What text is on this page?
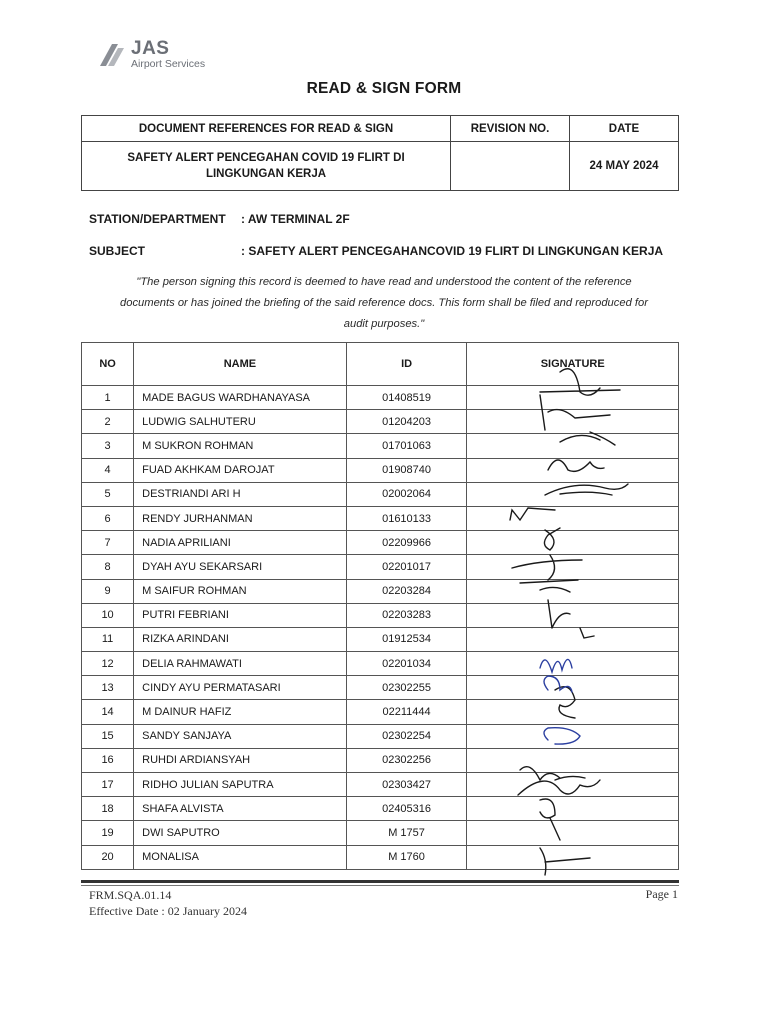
JAS
Airport Services
READ & SIGN FORM
DOCUMENT REFERENCES FOR READ & SIGN	REVISION NO.	DATE

SAFETY ALERT PENCEGAHAN COVID 19 FLIRT DI
LINGKUNGAN KERJA		24 MAY 2024
STATION/DEPARTMENT : AW TERMINAL 2F
SUBJECT	: SAFETY ALERT PENCEGAHANCOVID 19 FLIRT DI LINGKUNGAN KERJA
"The person signing this record is deemed to have read and understood the content of the reference
documents or has joined the briefing of the said reference docs. This form shall be filed and reproduced for
audit purposes."
NO	NAME	ID	SIGNATURE
1	MADE BAGUS WARDHANAYASA	01408519	
2	LUDWIG SALHUTERU	01204203	
3	M SUKRON ROHMAN	01701063	
4	FUAD AKHKAM DAROJAT	01908740	
5	DESTRIANDI ARI H	02002064	
6	RENDY JURHANMAN	01610133	
7	NADIA APRILIANI	02209966	
8	DYAH AYU SEKARSARI	02201017	
9	M SAIFUR ROHMAN	02203284	
10	PUTRI FEBRIANI	02203283	
11	RIZKA ARINDANI	01912534	
12	DELIA RAHMAWATI	02201034	
13	CINDY AYU PERMATASARI	02302255	
14	M DAINUR HAFIZ	02211444	
15	SANDY SANJAYA	02302254	
16	RUHDI ARDIANSYAH	02302256	
17	RIDHO JULIAN SAPUTRA	02303427	
18	SHAFA ALVISTA	02405316	
19	DWI SAPUTRO	M 1757	
20	MONALISA	M 1760	
FRM.SQA.01.14
Effective Date : 02 January 2024
Page 1
